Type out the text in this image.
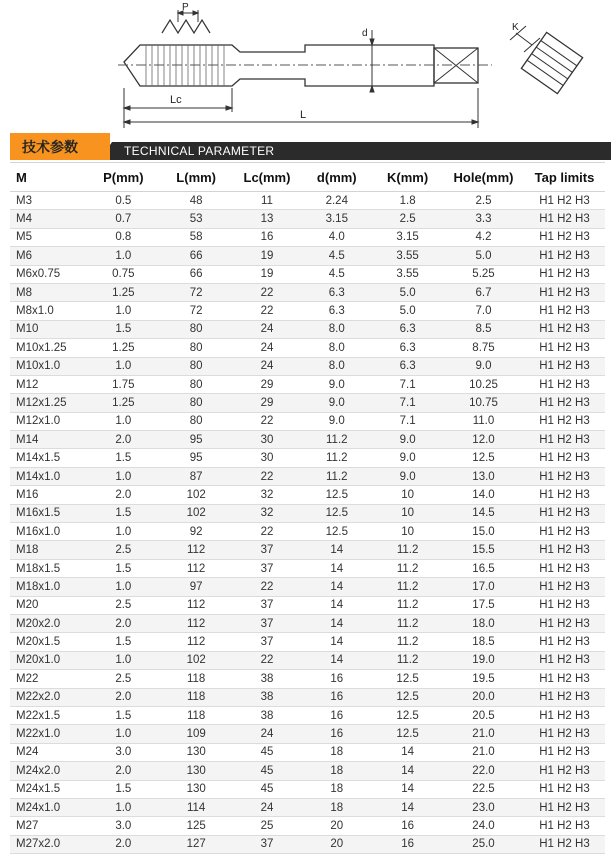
P
d
Lc
L
K
TECHNICAL PARAMETER
技术参数
M	P(mm)	L(mm)	Lc(mm)	d(mm)	K(mm)	Hole(mm)	Tap limits
M3	0.5	48	11	2.24	1.8	2.5	H1 H2 H3
M4	0.7	53	13	3.15	2.5	3.3	H1 H2 H3
M5	0.8	58	16	4.0	3.15	4.2	H1 H2 H3
M6	1.0	66	19	4.5	3.55	5.0	H1 H2 H3
M6x0.75	0.75	66	19	4.5	3.55	5.25	H1 H2 H3
M8	1.25	72	22	6.3	5.0	6.7	H1 H2 H3
M8x1.0	1.0	72	22	6.3	5.0	7.0	H1 H2 H3
M10	1.5	80	24	8.0	6.3	8.5	H1 H2 H3
M10x1.25	1.25	80	24	8.0	6.3	8.75	H1 H2 H3
M10x1.0	1.0	80	24	8.0	6.3	9.0	H1 H2 H3
M12	1.75	80	29	9.0	7.1	10.25	H1 H2 H3
M12x1.25	1.25	80	29	9.0	7.1	10.75	H1 H2 H3
M12x1.0	1.0	80	22	9.0	7.1	11.0	H1 H2 H3
M14	2.0	95	30	11.2	9.0	12.0	H1 H2 H3
M14x1.5	1.5	95	30	11.2	9.0	12.5	H1 H2 H3
M14x1.0	1.0	87	22	11.2	9.0	13.0	H1 H2 H3
M16	2.0	102	32	12.5	10	14.0	H1 H2 H3
M16x1.5	1.5	102	32	12.5	10	14.5	H1 H2 H3
M16x1.0	1.0	92	22	12.5	10	15.0	H1 H2 H3
M18	2.5	112	37	14	11.2	15.5	H1 H2 H3
M18x1.5	1.5	112	37	14	11.2	16.5	H1 H2 H3
M18x1.0	1.0	97	22	14	11.2	17.0	H1 H2 H3
M20	2.5	112	37	14	11.2	17.5	H1 H2 H3
M20x2.0	2.0	112	37	14	11.2	18.0	H1 H2 H3
M20x1.5	1.5	112	37	14	11.2	18.5	H1 H2 H3
M20x1.0	1.0	102	22	14	11.2	19.0	H1 H2 H3
M22	2.5	118	38	16	12.5	19.5	H1 H2 H3
M22x2.0	2.0	118	38	16	12.5	20.0	H1 H2 H3
M22x1.5	1.5	118	38	16	12.5	20.5	H1 H2 H3
M22x1.0	1.0	109	24	16	12.5	21.0	H1 H2 H3
M24	3.0	130	45	18	14	21.0	H1 H2 H3
M24x2.0	2.0	130	45	18	14	22.0	H1 H2 H3
M24x1.5	1.5	130	45	18	14	22.5	H1 H2 H3
M24x1.0	1.0	114	24	18	14	23.0	H1 H2 H3
M27	3.0	125	25	20	16	24.0	H1 H2 H3
M27x2.0	2.0	127	37	20	16	25.0	H1 H2 H3
